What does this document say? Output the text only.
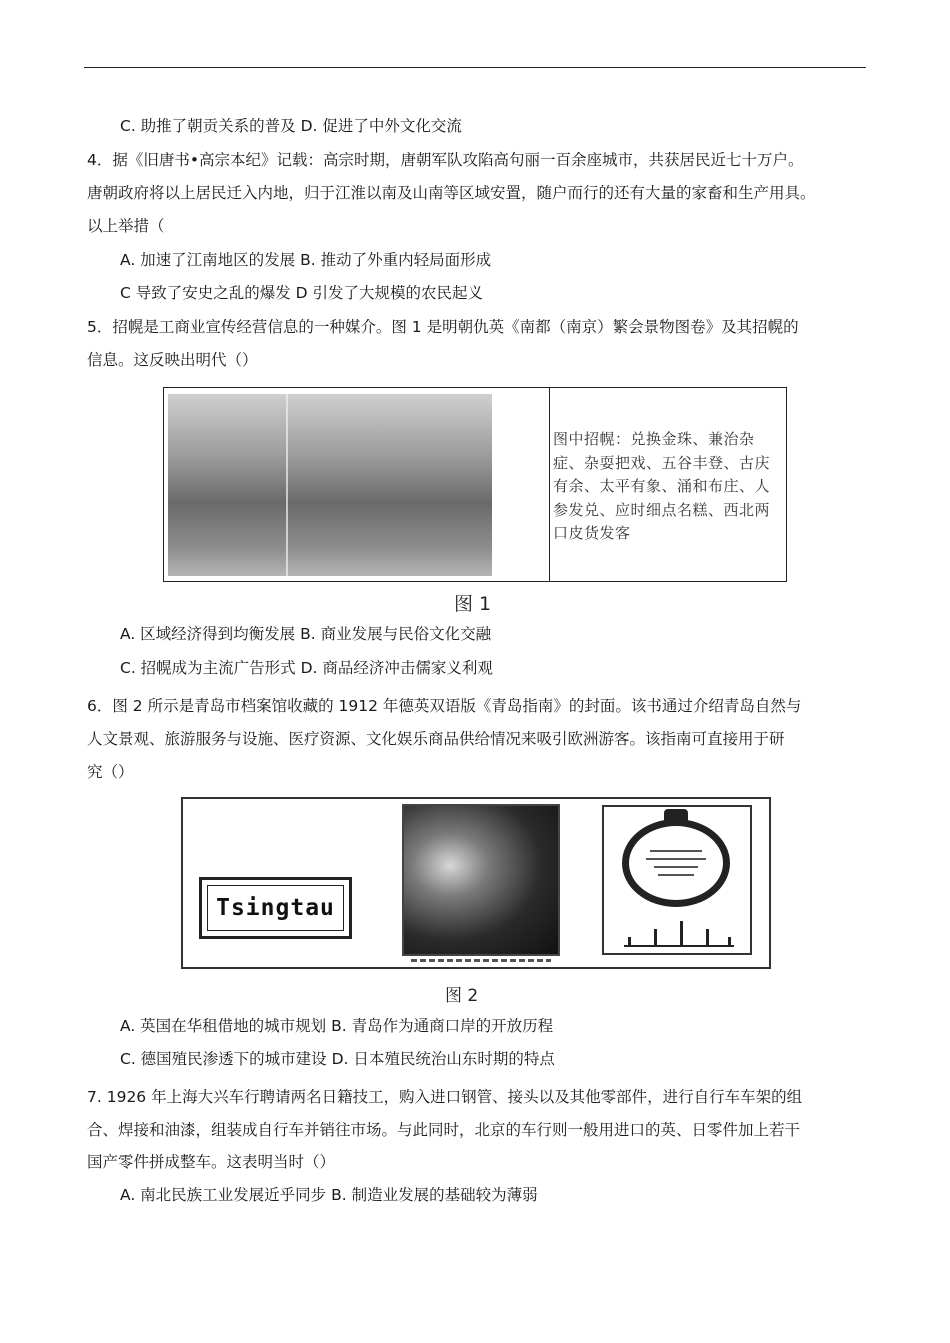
C. 助推了朝贡关系的普及 D. 促进了中外文化交流
4．据《旧唐书•高宗本纪》记载：高宗时期，唐朝军队攻陷高句丽一百余座城市，共获居民近七十万户。
唐朝政府将以上居民迁入内地，归于江淮以南及山南等区域安置，随户而行的还有大量的家畜和生产用具。
以上举措（
A. 加速了江南地区的发展 B. 推动了外重内轻局面形成
C 导致了安史之乱的爆发 D 引发了大规模的农民起义
5．招幌是工商业宣传经营信息的一种媒介。图 1 是明朝仇英《南都（南京）繁会景物图卷》及其招幌的
信息。这反映出明代（）
图中招幌：兑换金珠、兼治杂症、杂耍把戏、五谷丰登、古庆有余、太平有象、涌和布庄、人参发兑、应时细点名糕、西北两口皮货发客
图 1
A. 区域经济得到均衡发展 B. 商业发展与民俗文化交融
C. 招幌成为主流广告形式 D. 商品经济冲击儒家义利观
6．图 2 所示是青岛市档案馆收藏的 1912 年德英双语版《青岛指南》的封面。该书通过介绍青岛自然与
人文景观、旅游服务与设施、医疗资源、文化娱乐商品供给情况来吸引欧洲游客。该指南可直接用于研
究（）
Tsingtau
图 2
A. 英国在华租借地的城市规划 B. 青岛作为通商口岸的开放历程
C. 德国殖民渗透下的城市建设 D. 日本殖民统治山东时期的特点
7. 1926 年上海大兴车行聘请两名日籍技工，购入进口钢管、接头以及其他零部件，进行自行车车架的组
合、焊接和油漆，组装成自行车并销往市场。与此同时，北京的车行则一般用进口的英、日零件加上若干
国产零件拼成整车。这表明当时（）
A. 南北民族工业发展近乎同步 B. 制造业发展的基础较为薄弱
